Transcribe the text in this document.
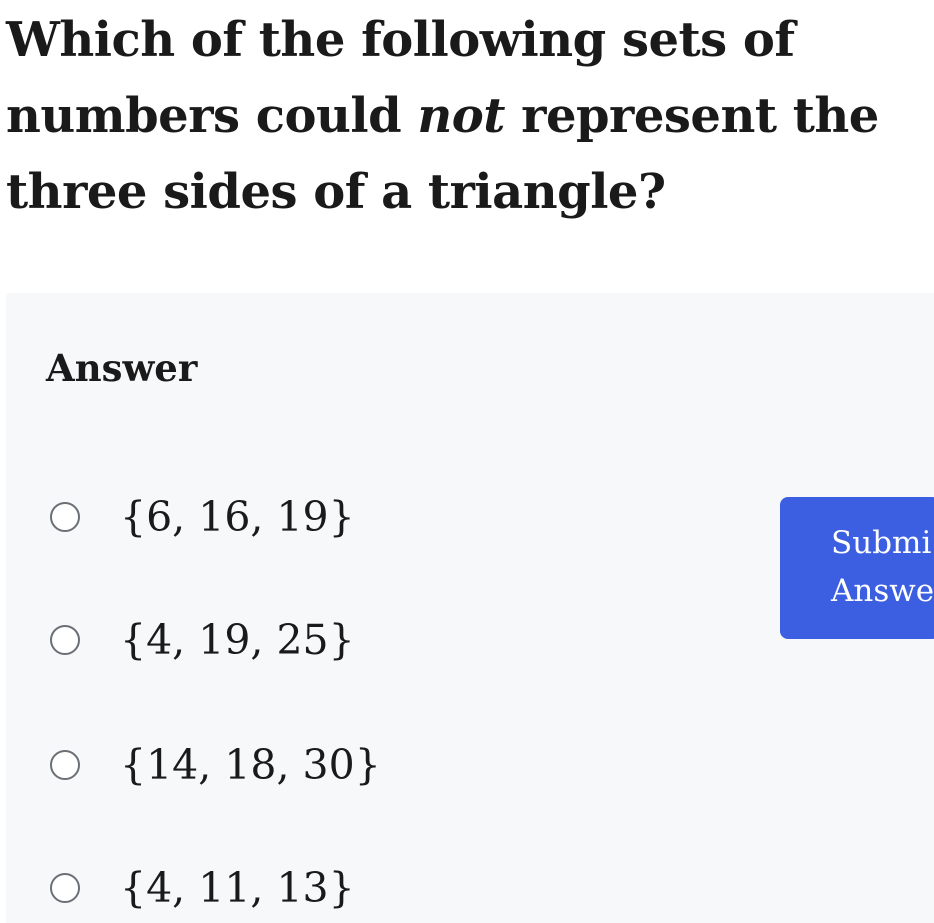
Which of the following sets of numbers could not represent the three sides of a triangle?

Answer
{6, 16, 19}
{4, 19, 25}
{14, 18, 30}
{4, 11, 13}
Submi
Answe
